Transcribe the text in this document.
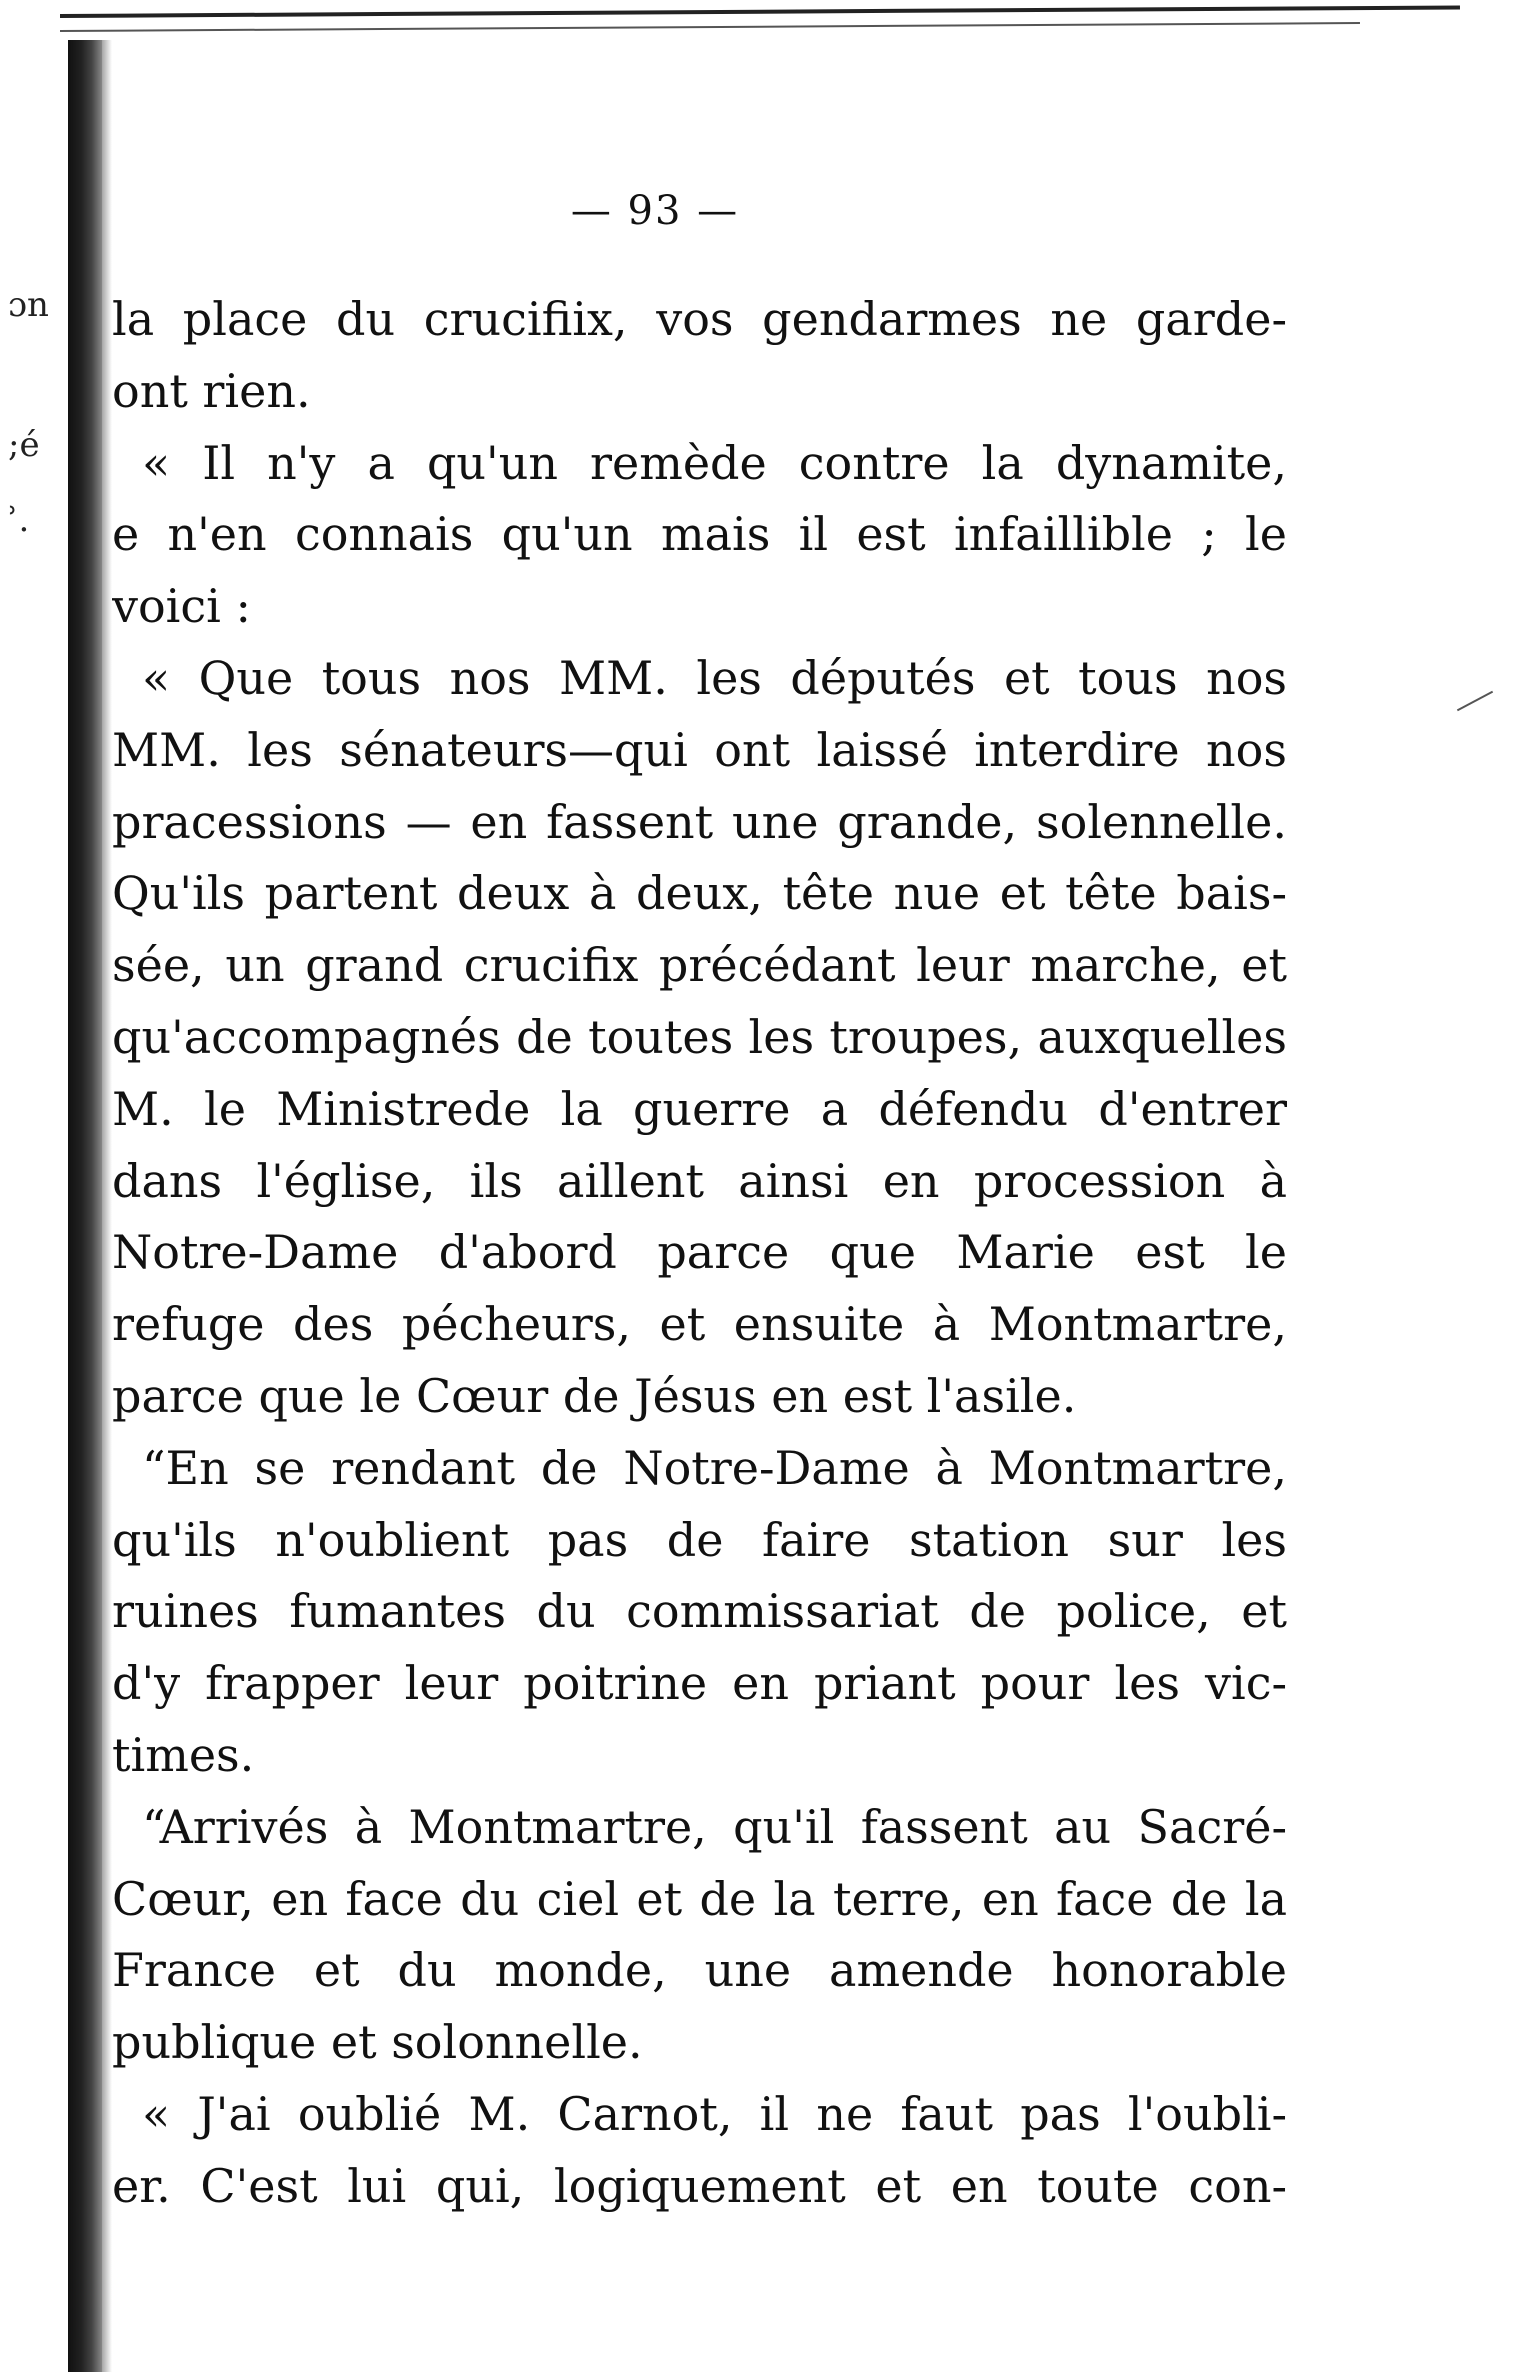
ɔn
;é
ʾ.
— 93 —
la place du crucifiix, vos gendarmes ne garde-
ont rien.
« Il n'y a qu'un remède contre la dynamite,
e n'en connais qu'un mais il est infaillible ; le
voici :
« Que tous nos MM. les députés et tous nos
MM. les sénateurs—qui ont laissé interdire nos
pracessions — en fassent une grande, solennelle.
Qu'ils partent deux à deux, tête nue et tête bais-
sée, un grand crucifix précédant leur marche, et
qu'accompagnés de toutes les troupes, auxquelles
M. le Ministrede la guerre a défendu d'entrer
dans l'église, ils aillent ainsi en procession à
Notre-Dame d'abord parce que Marie est le
refuge des pécheurs, et ensuite à Montmartre,
parce que le Cœur de Jésus en est l'asile.
“En se rendant de Notre-Dame à Montmartre,
qu'ils n'oublient pas de faire station sur les
ruines fumantes du commissariat de police, et
d'y frapper leur poitrine en priant pour les vic-
times.
“Arrivés à Montmartre, qu'il fassent au Sacré-
Cœur, en face du ciel et de la terre, en face de la
France et du monde, une amende honorable
publique et solonnelle.
« J'ai oublié M. Carnot, il ne faut pas l'oubli-
er. C'est lui qui, logiquement et en toute con-
